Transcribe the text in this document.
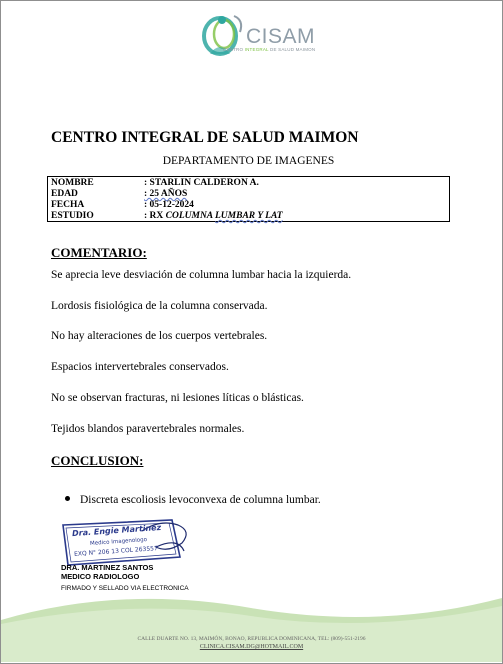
CISAM
CENTRO INTEGRAL DE SALUD MAIMON
CENTRO INTEGRAL DE SALUD MAIMON
DEPARTAMENTO DE IMAGENES
NOMBRE	: STARLIN CALDERON A.
EDAD	: 25 AÑOS
FECHA	: 05-12-2024
ESTUDIO	: RX COLUMNA LUMBAR Y LAT
COMENTARIO:
Se aprecia leve desviación de columna lumbar hacia la izquierda.
Lordosis fisiológica de la columna conservada.
No hay alteraciones de los cuerpos vertebrales.
Espacios intervertebrales conservados.
No se observan fracturas, ni lesiones líticas o blásticas.
Tejidos blandos paravertebrales normales.
CONCLUSION:
Discreta escoliosis levoconvexa de columna lumbar.
Dra. Engie Martinez
Medico Imagenologo
EXQ N° 206 13 COL 263557
DRA. MARTINEZ SANTOS
MEDICO RADIOLOGO
FIRMADO Y SELLADO VIA ELECTRONICA
CALLE DUARTE NO. 13, MAIMÓN, BONAO, REPUBLICA DOMINICANA, TEL: (809)-551-2196
CLINICA.CISAM.DG@HOTMAIL.COM
